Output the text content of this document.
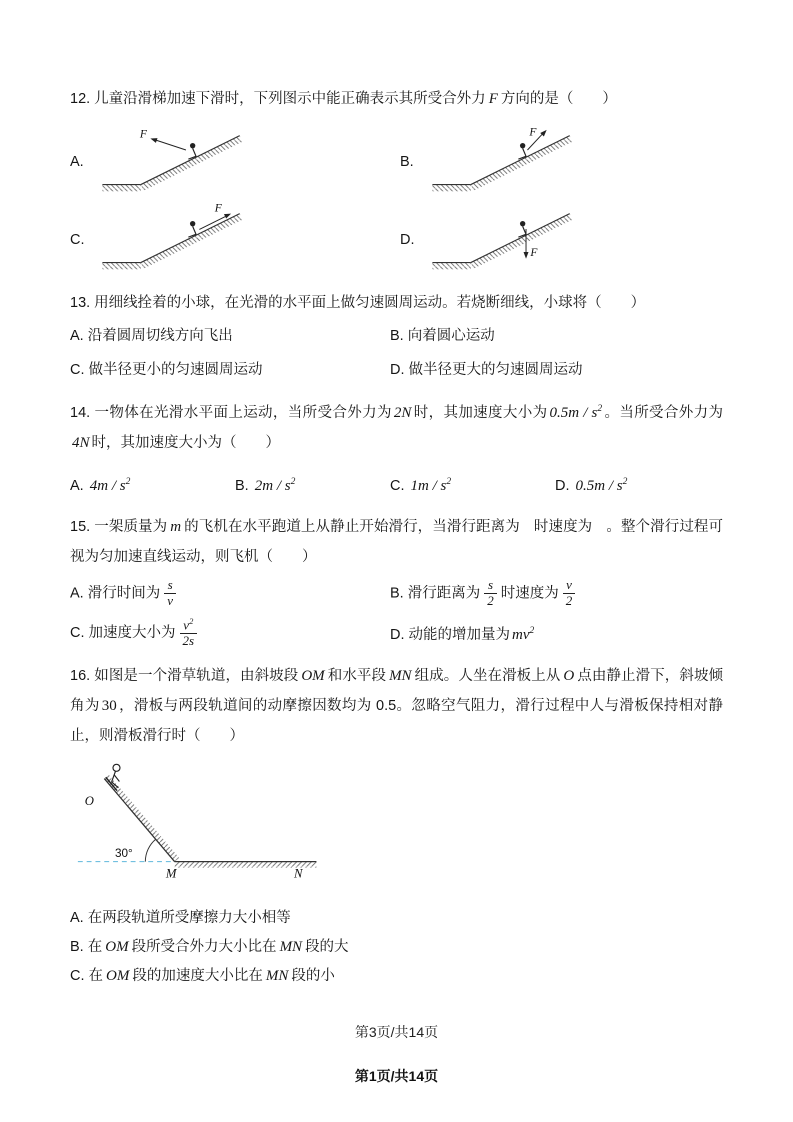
12. 儿童沿滑梯加速下滑时，下列图示中能正确表示其所受合外力 F 方向的是（　　）

A.
F
B.
F
C.
F
D.
F

13. 用细线拴着的小球，在光滑的水平面上做匀速圆周运动。若烧断细线，小球将（　　）

A. 沿着圆周切线方向飞出	B. 向着圆心运动
C. 做半径更小的匀速圆周运动	D. 做半径更大的匀速圆周运动

14. 一物体在光滑水平面上运动，当所受合外力为 2N 时，其加速度大小为 $0.5m / s^2$ 。当所受合外力为4N 时，其加速度大小为（　　）

A. $4m / s^2$	B. $2m / s^2$	C. $1m / s^2$	D. $0.5m / s^2$

15. 一架质量为 m 的飞机在水平跑道上从静止开始滑行，当滑行距离为 时速度为 。整个滑行过程可视为匀加速直线运动，则飞机（　　）

A. 滑行时间为 $\frac{s}{v}$	B. 滑行距离为 $\frac{s}{2}$ 时速度为 $\frac{v}{2}$
C. 加速度大小为 $\frac{v^2}{2s}$	D. 动能的增加量为 $mv^2$

16. 如图是一个滑草轨道，由斜坡段 OM 和水平段 MN 组成。人坐在滑板上从 O 点由静止滑下，斜坡倾角为 30 ，滑板与两段轨道间的动摩擦因数均为 0.5。忽略空气阻力，滑行过程中人与滑板保持相对静止，则滑板滑行时（　　）

30°
O
M	N

A. 在两段轨道所受摩擦力大小相等

B. 在 OM 段所受合外力大小比在 MN 段的大

C. 在 OM 段的加速度大小比在 MN 段的小

第3页/共14页
第1页/共14页
